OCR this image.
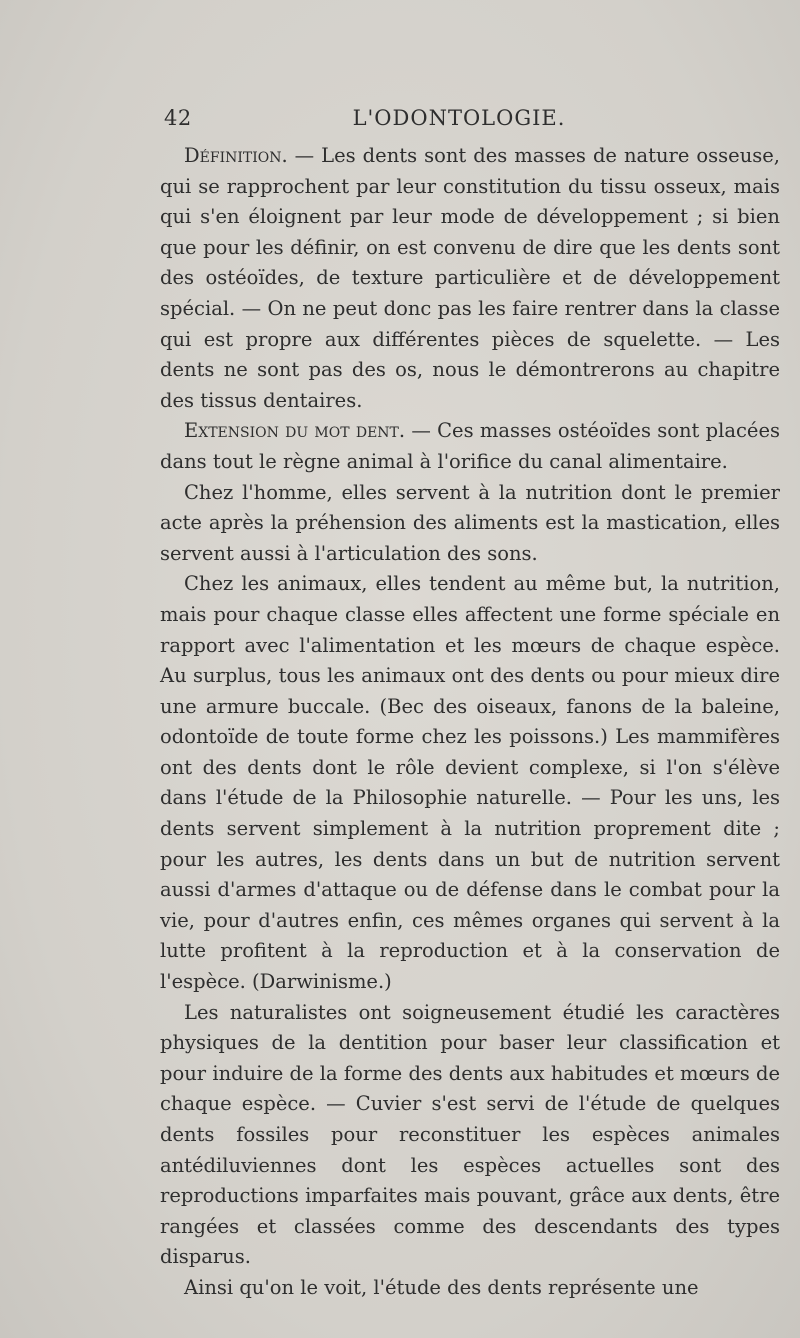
42	L'ODONTOLOGIE.

Définition. — Les dents sont des masses de nature osseuse, qui se rapprochent par leur constitution du tissu osseux, mais qui s'en éloignent par leur mode de développement ; si bien que pour les définir, on est convenu de dire que les dents sont des ostéoïdes, de texture particulière et de développement spécial. — On ne peut donc pas les faire rentrer dans la classe qui est propre aux différentes pièces de squelette. — Les dents ne sont pas des os, nous le démontrerons au chapitre des tissus dentaires.

Extension du mot dent. — Ces masses ostéoïdes sont placées dans tout le règne animal à l'orifice du canal alimentaire.

Chez l'homme, elles servent à la nutrition dont le premier acte après la préhension des aliments est la mastication, elles servent aussi à l'articulation des sons.

Chez les animaux, elles tendent au même but, la nutrition, mais pour chaque classe elles affectent une forme spéciale en rapport avec l'alimentation et les mœurs de chaque espèce. Au surplus, tous les animaux ont des dents ou pour mieux dire une armure buccale. (Bec des oiseaux, fanons de la baleine, odontoïde de toute forme chez les poissons.) Les mammifères ont des dents dont le rôle devient complexe, si l'on s'élève dans l'étude de la Philosophie naturelle. — Pour les uns, les dents servent simplement à la nutrition proprement dite ; pour les autres, les dents dans un but de nutrition servent aussi d'armes d'attaque ou de défense dans le combat pour la vie, pour d'autres enfin, ces mêmes organes qui servent à la lutte profitent à la reproduction et à la conservation de l'espèce. (Darwinisme.)

Les naturalistes ont soigneusement étudié les caractères physiques de la dentition pour baser leur classification et pour induire de la forme des dents aux habitudes et mœurs de chaque espèce. — Cuvier s'est servi de l'étude de quelques dents fossiles pour reconstituer les espèces animales antédiluviennes dont les espèces actuelles sont des reproductions imparfaites mais pouvant, grâce aux dents, être rangées et classées comme des descendants des types disparus.

Ainsi qu'on le voit, l'étude des dents représente une
